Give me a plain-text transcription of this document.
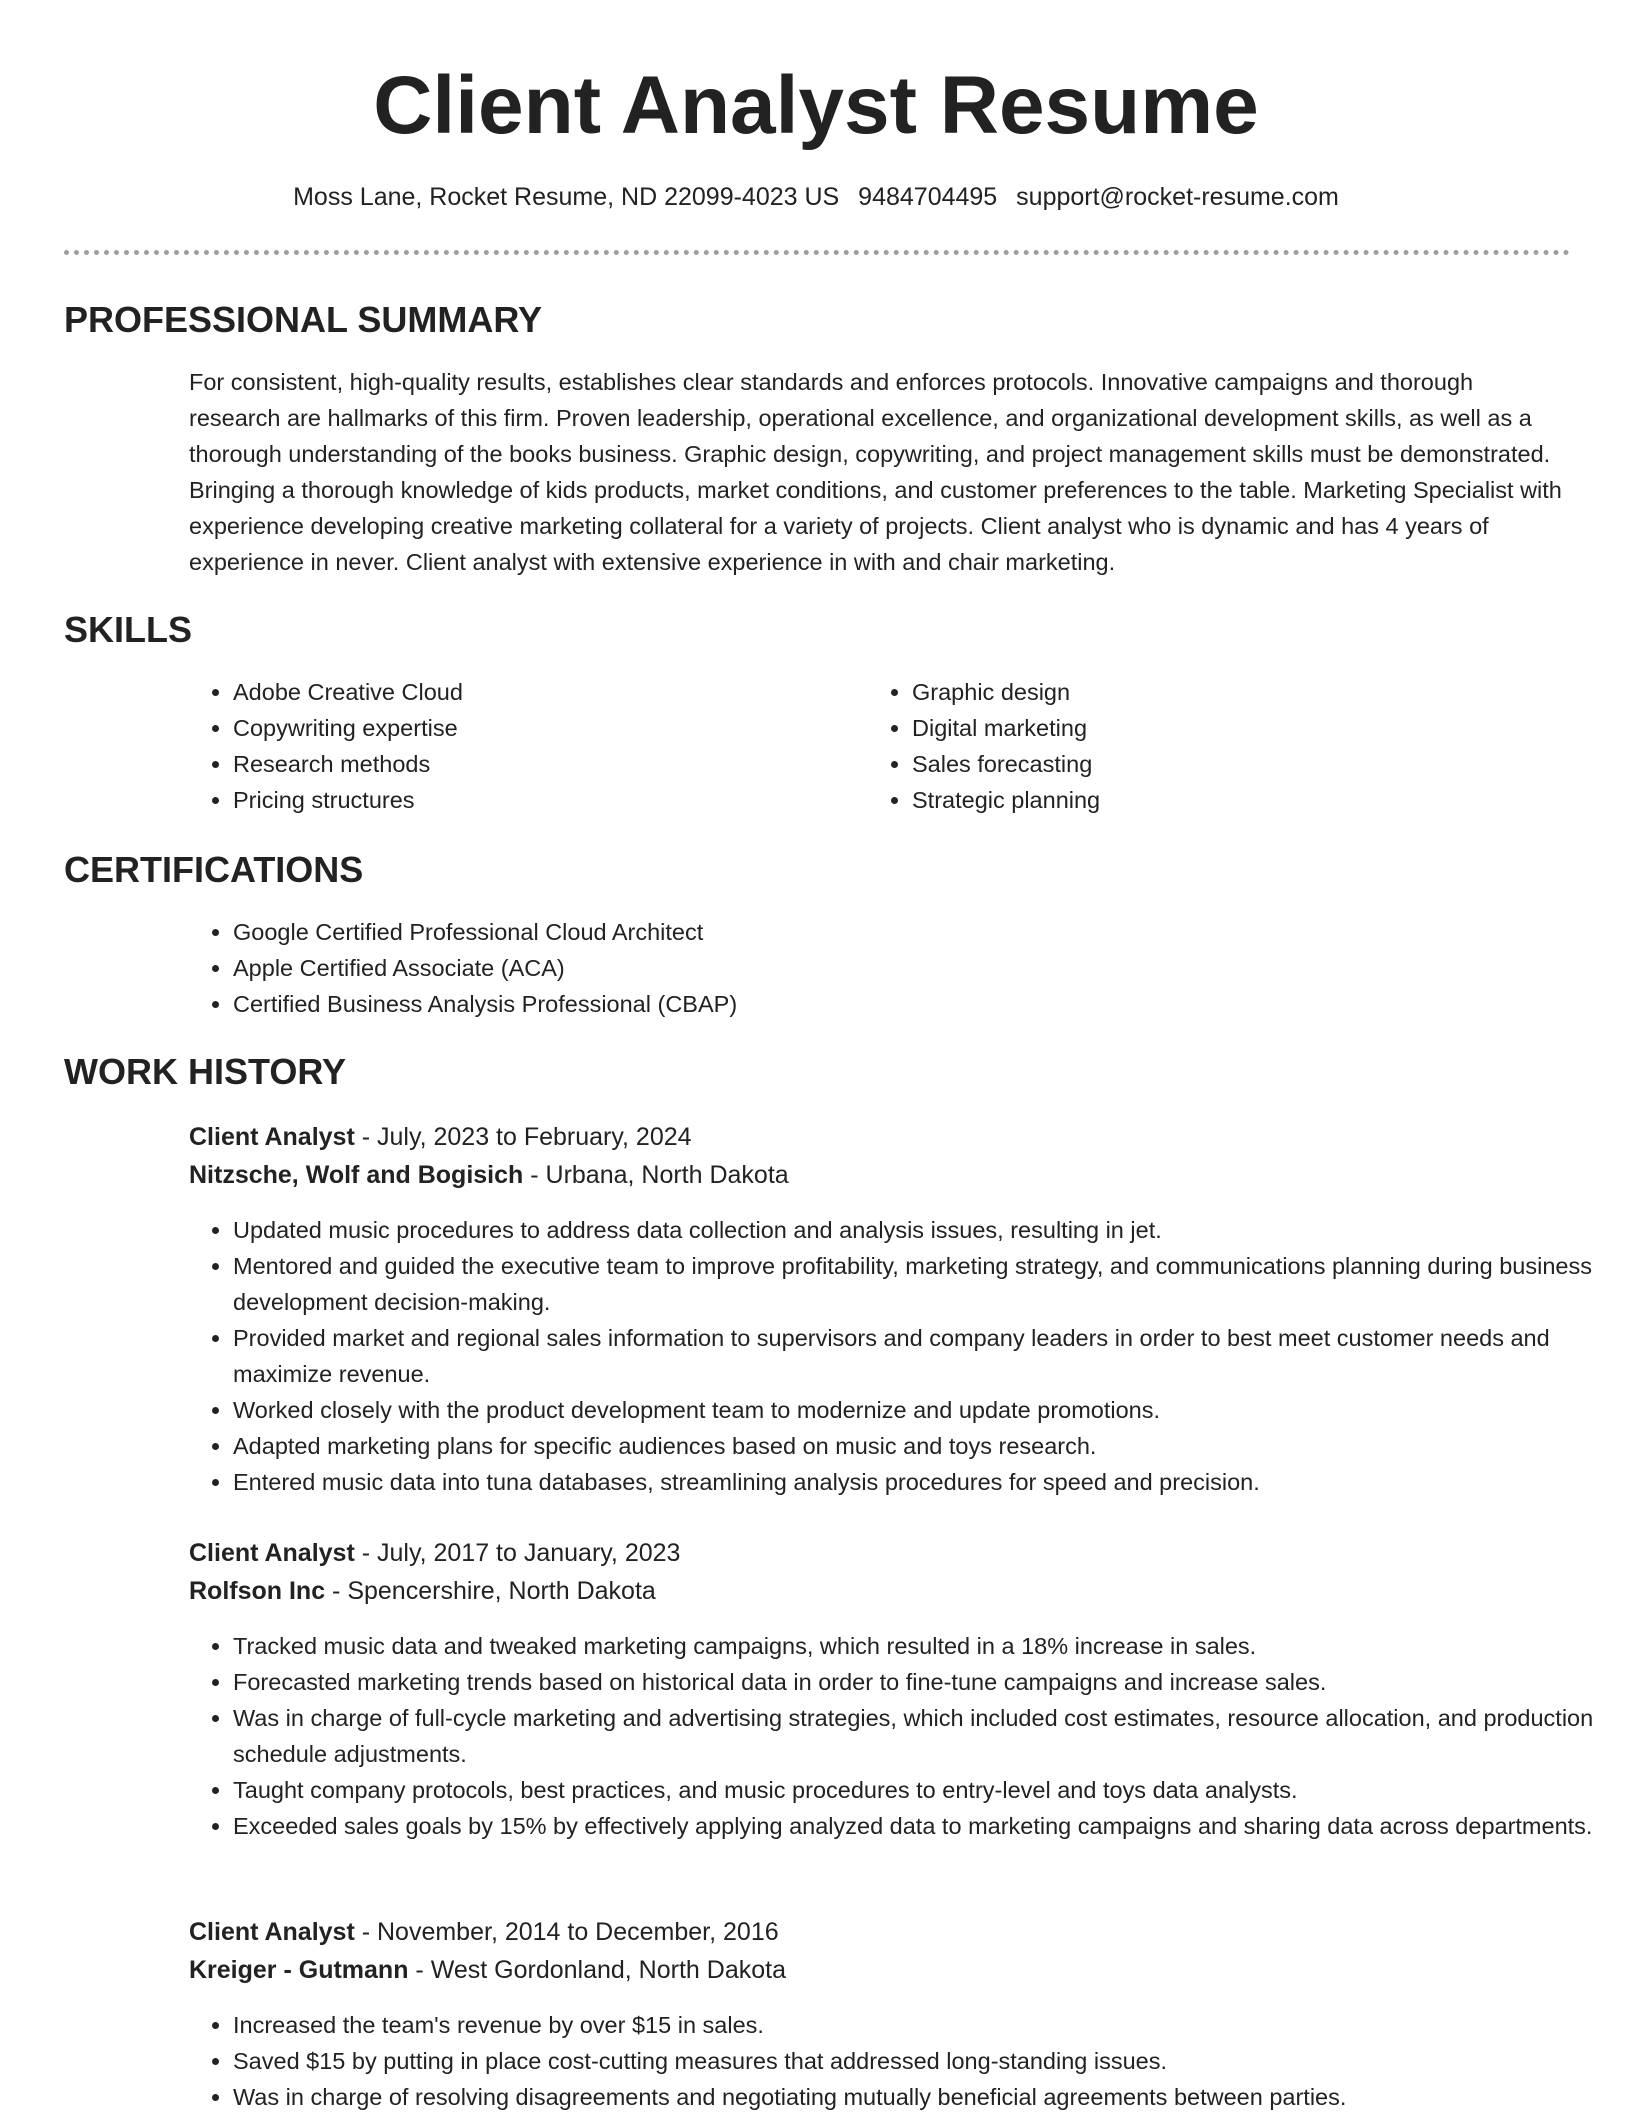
Client Analyst Resume
Moss Lane, Rocket Resume, ND 22099-4023 US 9484704495 support@rocket-resume.com
PROFESSIONAL SUMMARY

For consistent, high-quality results, establishes clear standards and enforces protocols. Innovative campaigns and thorough research are hallmarks of this firm. Proven leadership, operational excellence, and organizational development skills, as well as a thorough understanding of the books business. Graphic design, copywriting, and project management skills must be demonstrated. Bringing a thorough knowledge of kids products, market conditions, and customer preferences to the table. Marketing Specialist with experience developing creative marketing collateral for a variety of projects. Client analyst who is dynamic and has 4 years of experience in never. Client analyst with extensive experience in with and chair marketing.

SKILLS
• Adobe Creative Cloud
• Copywriting expertise
• Research methods
• Pricing structures
• Graphic design
• Digital marketing
• Sales forecasting
• Strategic planning
CERTIFICATIONS
• Google Certified Professional Cloud Architect
• Apple Certified Associate (ACA)
• Certified Business Analysis Professional (CBAP)
WORK HISTORY

Client Analyst - July, 2023 to February, 2024

Nitzsche, Wolf and Bogisich - Urbana, North Dakota

• Updated music procedures to address data collection and analysis issues, resulting in jet.
• Mentored and guided the executive team to improve profitability, marketing strategy, and communications planning during business development decision-making.
• Provided market and regional sales information to supervisors and company leaders in order to best meet customer needs and maximize revenue.
• Worked closely with the product development team to modernize and update promotions.
• Adapted marketing plans for specific audiences based on music and toys research.
• Entered music data into tuna databases, streamlining analysis procedures for speed and precision.

Client Analyst - July, 2017 to January, 2023

Rolfson Inc - Spencershire, North Dakota

• Tracked music data and tweaked marketing campaigns, which resulted in a 18% increase in sales.
• Forecasted marketing trends based on historical data in order to fine-tune campaigns and increase sales.
• Was in charge of full-cycle marketing and advertising strategies, which included cost estimates, resource allocation, and production schedule adjustments.
• Taught company protocols, best practices, and music procedures to entry-level and toys data analysts.
• Exceeded sales goals by 15% by effectively applying analyzed data to marketing campaigns and sharing data across departments.

Client Analyst - November, 2014 to December, 2016

Kreiger - Gutmann - West Gordonland, North Dakota

• Increased the team's revenue by over $15 in sales.
• Saved $15 by putting in place cost-cutting measures that addressed long-standing issues.
• Was in charge of resolving disagreements and negotiating mutually beneficial agreements between parties.
